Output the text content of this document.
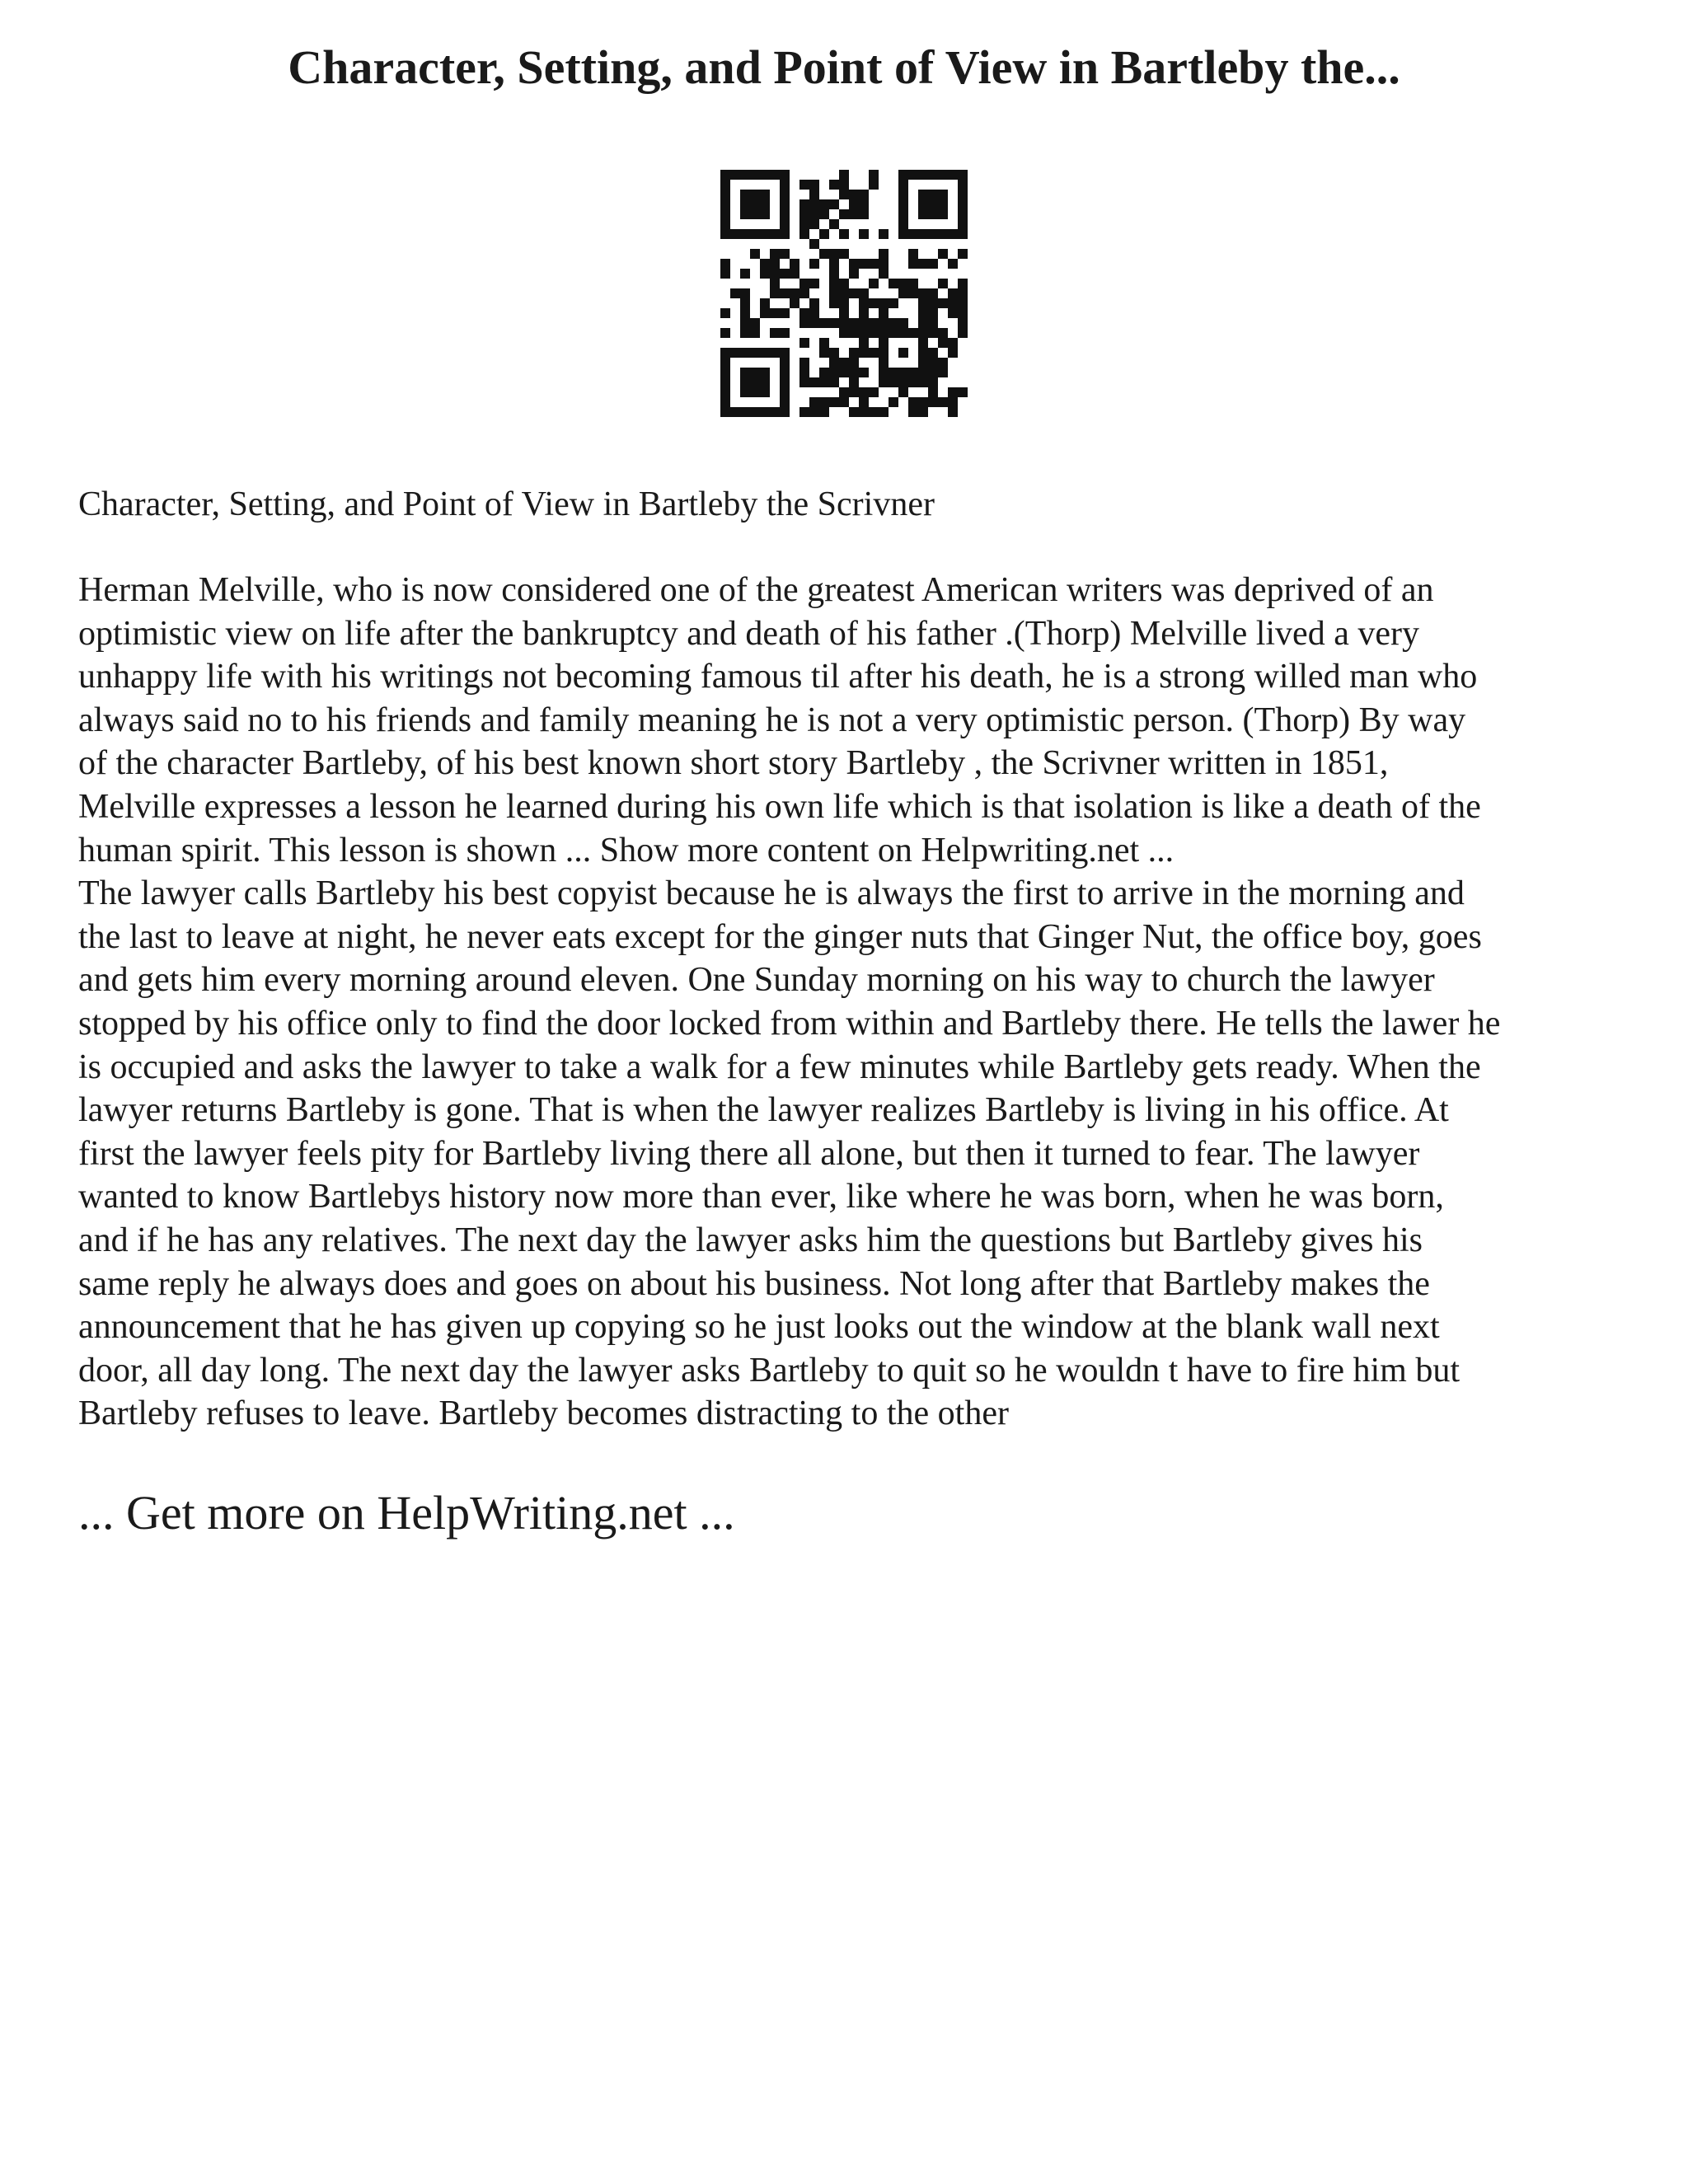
Character, Setting, and Point of View in Bartleby the...

Character, Setting, and Point of View in Bartleby the Scrivner

Herman Melville, who is now considered one of the greatest American writers was deprived of an
optimistic view on life after the bankruptcy and death of his father .(Thorp) Melville lived a very
unhappy life with his writings not becoming famous til after his death, he is a strong willed man who
always said no to his friends and family meaning he is not a very optimistic person. (Thorp) By way
of the character Bartleby, of his best known short story Bartleby , the Scrivner written in 1851,
Melville expresses a lesson he learned during his own life which is that isolation is like a death of the
human spirit. This lesson is shown ... Show more content on Helpwriting.net ...

The lawyer calls Bartleby his best copyist because he is always the first to arrive in the morning and
the last to leave at night, he never eats except for the ginger nuts that Ginger Nut, the office boy, goes
and gets him every morning around eleven. One Sunday morning on his way to church the lawyer
stopped by his office only to find the door locked from within and Bartleby there. He tells the lawer he
is occupied and asks the lawyer to take a walk for a few minutes while Bartleby gets ready. When the
lawyer returns Bartleby is gone. That is when the lawyer realizes Bartleby is living in his office. At
first the lawyer feels pity for Bartleby living there all alone, but then it turned to fear. The lawyer
wanted to know Bartlebys history now more than ever, like where he was born, when he was born,
and if he has any relatives. The next day the lawyer asks him the questions but Bartleby gives his
same reply he always does and goes on about his business. Not long after that Bartleby makes the
announcement that he has given up copying so he just looks out the window at the blank wall next
door, all day long. The next day the lawyer asks Bartleby to quit so he wouldn t have to fire him but
Bartleby refuses to leave. Bartleby becomes distracting to the other

... Get more on HelpWriting.net ...
